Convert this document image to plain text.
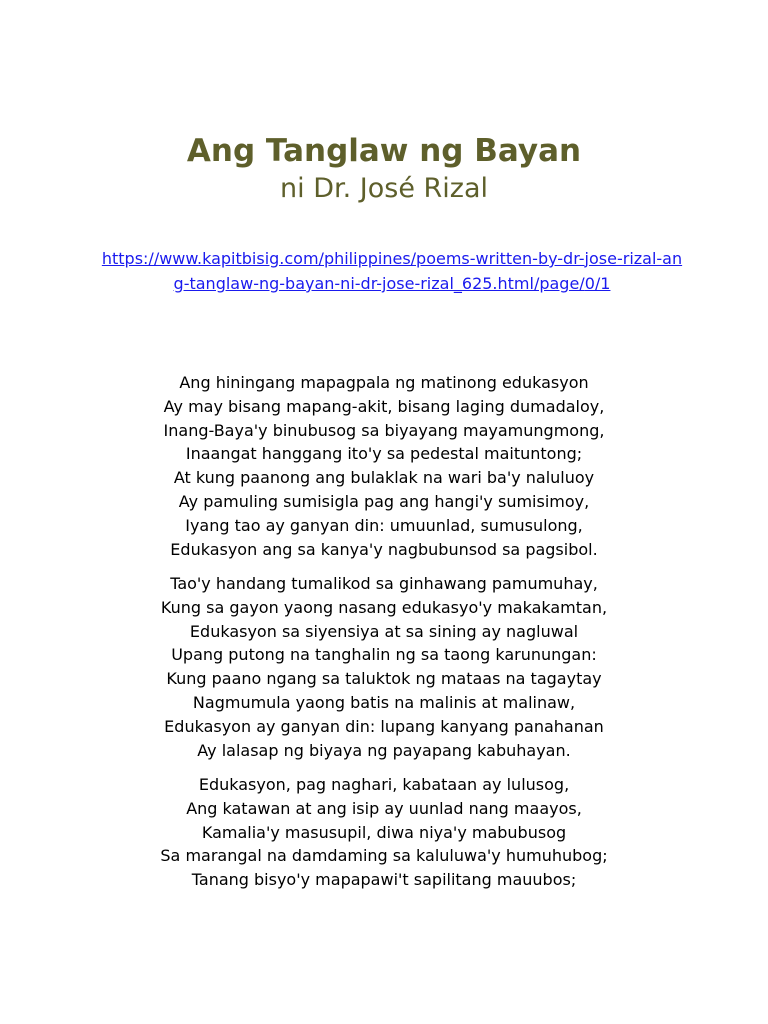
Ang Tanglaw ng Bayan
ni Dr. José Rizal
https://www.kapitbisig.com/philippines/poems-written-by-dr-jose-rizal-ang-tanglaw-ng-bayan-ni-dr-jose-rizal_625.html/page/0/1
Ang hiningang mapagpala ng matinong edukasyon
Ay may bisang mapang-akit, bisang laging dumadaloy,
Inang-Baya'y binubusog sa biyayang mayamungmong,
Inaangat hanggang ito'y sa pedestal maituntong;
At kung paanong ang bulaklak na wari ba'y naluluoy
Ay pamuling sumisigla pag ang hangi'y sumisimoy,
Iyang tao ay ganyan din: umuunlad, sumusulong,
Edukasyon ang sa kanya'y nagbubunsod sa pagsibol.
Tao'y handang tumalikod sa ginhawang pamumuhay,
Kung sa gayon yaong nasang edukasyo'y makakamtan,
Edukasyon sa siyensiya at sa sining ay nagluwal
Upang putong na tanghalin ng sa taong karunungan:
Kung paano ngang sa taluktok ng mataas na tagaytay
Nagmumula yaong batis na malinis at malinaw,
Edukasyon ay ganyan din: lupang kanyang panahanan
Ay lalasap ng biyaya ng payapang kabuhayan.
Edukasyon, pag naghari, kabataan ay lulusog,
Ang katawan at ang isip ay uunlad nang maayos,
Kamalia'y masusupil, diwa niya'y mabubusog
Sa marangal na damdaming sa kaluluwa'y humuhubog;
Tanang bisyo'y mapapawi't sapilitang mauubos;
